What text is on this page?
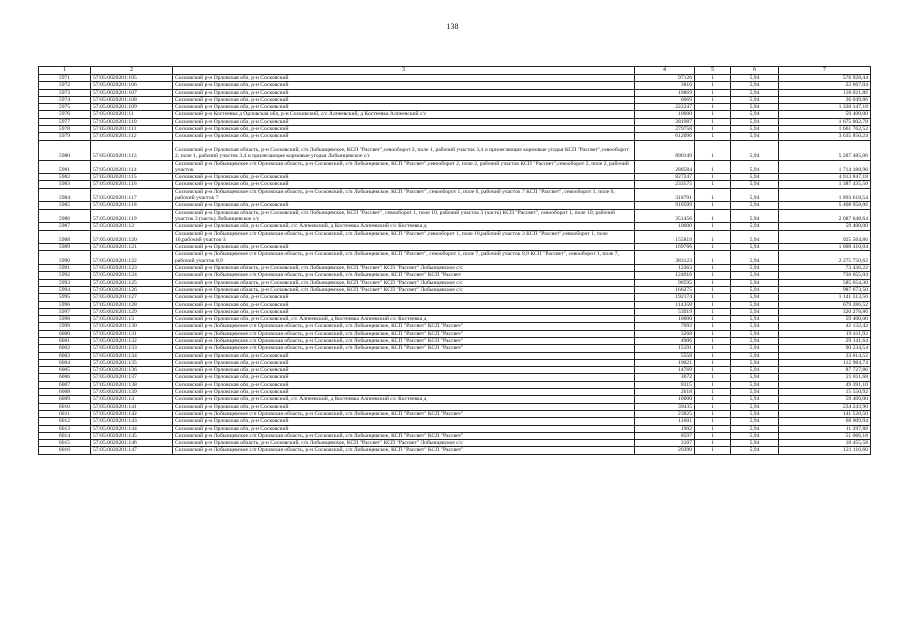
138
1	2	3	4	5	6	7
5971	57:05:0020201:105	Сосковский р-н Орловская обл, р-н Сосковский	97126	1	5,94	576 928,44
5972	57:05:0020201:106	Сосковский р-н Орловская обл, р-н Сосковский	3816	1	5,94	22 667,04
5973	57:05:0020201:107	Сосковский р-н Орловская обл, р-н Сосковский	19869	1	5,94	118 021,86
5974	57:05:0020201:108	Сосковский р-н Орловская обл, р-н Сосковский	6069	1	5,94	36 049,86
5975	57:05:0020201:109	Сосковский р-н Орловская обл, р-н Сосковский	222247	1	5,94	1 320 147,18
5976	57:05:0020201:11	Сосковский р-н Костеевка д Орловская обл, р-н Сосковский, с/с Алпеевский, д Костеевка Алпеевский с/с	10000	1	5,94	59 400,00
5977	57:05:0020201:110	Сосковский р-н Орловская обл, р-н Сосковский	281987	1	5,94	1 675 002,78
5978	57:05:0020201:111	Сосковский р-н Орловская обл, р-н Сосковский	279758	1	5,94	1 661 762,52
5979	57:05:0020201:112	Сосковский р-н Орловская обл, р-н Сосковский	612096	1	5,94	3 635 850,24
5980	57:05:0020201:113	Сосковский р-н Орловская область, р-н Сосковский, с/п Лобынцевское, КСП "Рассвет",севооборот 2, поле 1, рабочий участок 3,4 и прилегающие кормовые угодья КСП "Рассвет",севооборот 2, поле 1, рабочий участок 3,4 и прилегающие кормовые угодья Лобынцевское с/с	890149	1	5,94	5 287 485,06
5981	57:05:0020201:114	Сосковский р-н Лобынцевское с/п Орловская область, р-н Сосковский, с/п Лобынцевское, КСП "Рассвет",севооборот 2, поле 2, рабочий участок КСП "Рассвет",севооборот 2, поле 2, рабочий участок	288584	1	5,94	1 714 188,96
5982	57:05:0020201:115	Сосковский р-н Орловская обл, р-н Сосковский	827247	1	5,94	4 913 847,18
5983	57:05:0020201:116	Сосковский р-н Орловская обл, р-н Сосковский	233575	1	5,94	1 387 435,50
5984	57:05:0020201:117	Сосковский р-н Лобынцевское с/п Орловская область, р-н Сосковский, с/п Лобынцевское, КСП "Рассвет", севооборот 1, поле 6, рабочий участок 7 КСП "Рассвет", севооборот 1, поле 6, рабочий участок 7	318791	1	5,94	1 893 618,54
5985	57:05:0020201:118	Сосковский р-н Орловская обл, р-н Сосковский	910599	1	5,94	5 408 958,06
5986	57:05:0020201:119	Сосковский р-н Орловская область, р-н Сосковский, с/п Лобынцевское, КСП "Рассвет", севооборот 1, поле 10, рабочий участок 3 (часть) КСП "Рассвет", севооборот 1, поле 10, рабочий участок 3 (часть) Лобынцевское с/с	351456	1	5,94	2 087 648,64
5987	57:05:0020201:12	Сосковский р-н Орловская обл, р-н Сосковский, с/с Алпеевский, д Костеевка Алпеевский с/с Костеевка д	10000	1	5,94	59 400,00
5988	57:05:0020201:120	Сосковский р-н Лобынцевское с/п Орловская область, р-н Сосковский, с/п Лобынцевское, КСП "Рассвет",севооборот 1, поле 10,рабочий участок 3 КСП "Рассвет",севооборот 1, поле 10,рабочий участок 3	155819	1	5,94	925 564,86
5989	57:05:0020201:121	Сосковский р-н Орловская обл, р-н Сосковский	169766	1	5,94	1 008 410,04
5990	57:05:0020201:122	Сосковский р-н Лобынцевское с/п Орловская область, р-н Сосковский, с/п Лобынцевское, КСП "Рассвет", севооборот 1, поле 7, рабочий участок 8,9 КСП "Рассвет", севооборот 1, поле 7, рабочий участок 8,9	383123	1	5,94	2 275 750,62
5991	57:05:0020201:123	Сосковский р-н Орловская область, р-н Сосковский, с/п Лобынцевское, КСП "Рассвет" КСП "Рассвет" Лобынцевское с/с	12363	1	5,94	73 436,22
5992	57:05:0020201:124	Сосковский р-н Лобынцевское с/п Орловская область, р-н Сосковский, с/п Лобынцевское, КСП "Рассвет" КСП "Рассвет	124016	1	5,94	736 655,04
5993	57:05:0020201:125	Сосковский р-н Орловская область, р-н Сосковский, с/п Лобынцевское, КСП "Рассвет" КСП "Рассвет" Лобынцевское с/с	98595	1	5,94	585 654,30
5994	57:05:0020201:126	Сосковский р-н Орловская область, р-н Сосковский, с/п Лобынцевское, КСП "Рассвет" КСП "Рассвет" Лобынцевское с/с	166275	1	5,94	987 673,50
5995	57:05:0020201:127	Сосковский р-н Орловская обл, р-н Сосковский	192174	1	5,94	1 141 513,56
5996	57:05:0020201:128	Сосковский р-н Орловская обл, р-н Сосковский	114358	1	5,94	679 286,52
5997	57:05:0020201:129	Сосковский р-н Орловская обл, р-н Сосковский	53919	1	5,94	320 278,86
5998	57:05:0020201:13	Сосковский р-н Орловская обл, р-н Сосковский, с/с Алпеевский, д Костеевка Алпеевский с/с Костеевка д	10000	1	5,94	59 400,00
5999	57:05:0020201:130	Сосковский р-н Лобынцевское с/п Орловская область, р-н Сосковский, с/п Лобынцевское, КСП "Рассвет" КСП "Рассвет"	7093	1	5,94	42 132,42
6000	57:05:0020201:131	Сосковский р-н Лобынцевское с/п Орловская область, р-н Сосковский, с/п Лобынцевское, КСП "Рассвет" КСП "Рассвет"	3268	1	5,94	19 411,92
6001	57:05:0020201:132	Сосковский р-н Лобынцевское с/п Орловская область, р-н Сосковский, с/п Лобынцевское, КСП "Рассвет" КСП "Рассвет"	4906	1	5,94	29 141,64
6002	57:05:0020201:133	Сосковский р-н Лобынцевское с/п Орловская область, р-н Сосковский, с/п Лобынцевское, КСП "Рассвет" КСП "Рассвет"	15191	1	5,94	90 234,54
6003	57:05:0020201:134	Сосковский р-н Орловская обл, р-н Сосковский	5558	1	5,94	33 014,52
6004	57:05:0020201:135	Сосковский р-н Орловская обл, р-н Сосковский	19021	1	5,94	112 984,74
6005	57:05:0020201:136	Сосковский р-н Орловская обл, р-н Сосковский	14769	1	5,94	87 727,86
6006	57:05:0020201:137	Сосковский р-н Орловская обл, р-н Сосковский	3672	1	5,94	21 811,68
6007	57:05:0020201:138	Сосковский р-н Орловская обл, р-н Сосковский	8315	1	5,94	49 391,10
6008	57:05:0020201:139	Сосковский р-н Орловская обл, р-н Сосковский	2618	1	5,94	15 550,92
6009	57:05:0020201:14	Сосковский р-н Орловская обл, р-н Сосковский, с/с Алпеевский, д Костеевка Алпеевский с/с Костеевка д	10000	1	5,94	59 400,00
6010	57:05:0020201:141	Сосковский р-н Орловская обл, р-н Сосковский	39435	1	5,94	234 243,90
6011	57:05:0020201:142	Сосковский р-н Лобынцевское с/п Орловская область, р-н Сосковский, с/п Лобынцевское, КСП "Рассвет" КСП "Рассвет"	23825	1	5,94	141 520,50
6012	57:05:0020201:143	Сосковский р-н Орловская обл, р-н Сосковский	11601	1	5,94	68 909,94
6013	57:05:0020201:144	Сосковский р-н Орловская обл, р-н Сосковский	1902	1	5,94	11 297,88
6014	57:05:0020201:145	Сосковский р-н Лобынцевское с/п Орловская область, р-н Сосковский, с/п Лобынцевское, КСП "Рассвет" КСП "Рассвет"	8597	1	5,94	51 066,18
6015	57:05:0020201:146	Сосковский р-н Орловская область, р-н Сосковский, с/п Лобынцевское, КСП "Рассвет" КСП "Рассвет" Лобынцевское с/с	3107	1	5,94	18 455,58
6016	57:05:0020201:147	Сосковский р-н Лобынцевское с/п Орловская область, р-н Сосковский, с/п Лобынцевское, КСП "Рассвет" КСП "Рассвет"	20390	1	5,94	121 116,60
